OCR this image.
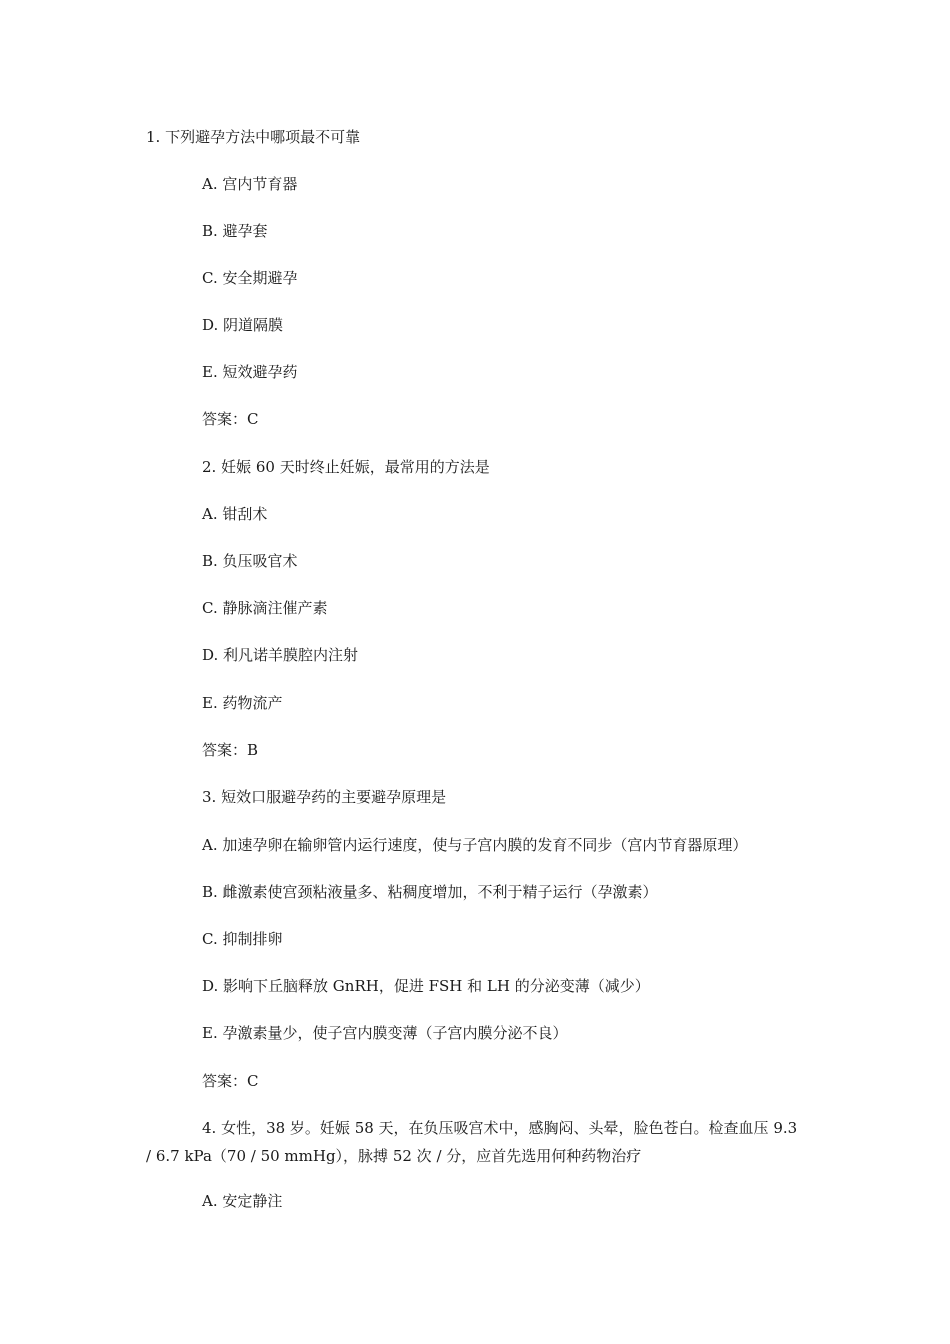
1. 下列避孕方法中哪项最不可靠
A. 宫内节育器
B. 避孕套
C. 安全期避孕
D. 阴道隔膜
E. 短效避孕药
答案：C
2. 妊娠 60 天时终止妊娠，最常用的方法是
A. 钳刮术
B. 负压吸官术
C. 静脉滴注催产素
D. 利凡诺羊膜腔内注射
E. 药物流产
答案：B
3. 短效口服避孕药的主要避孕原理是
A. 加速孕卵在输卵管内运行速度，使与子宫内膜的发育不同步（宫内节育器原理）
B. 雌激素使宫颈粘液量多、粘稠度增加，不利于精子运行（孕激素）
C. 抑制排卵
D. 影响下丘脑释放 GnRH，促进 FSH 和 LH 的分泌变薄（减少）
E. 孕激素量少，使子宫内膜变薄（子宫内膜分泌不良）
答案：C
4. 女性，38 岁。妊娠 58 天，在负压吸宫术中，感胸闷、头晕，脸色苍白。检查血压 9.3 / 6.7 kPa（70 / 50 mmHg），脉搏 52 次 / 分，应首先选用何种药物治疗
A. 安定静注
